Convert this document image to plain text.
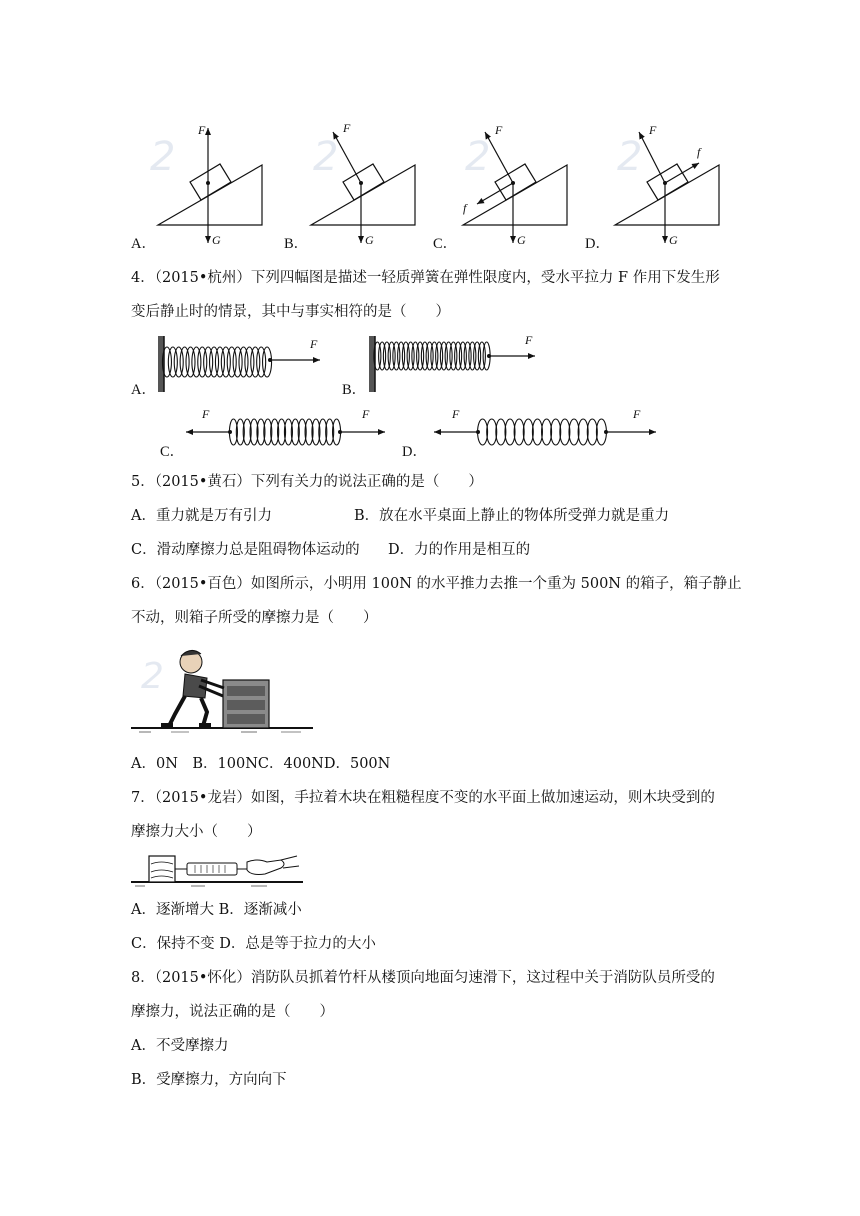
A．
2
F
G	B．
2
F
G	C．
2
F
f
G	D．
2
F
f
G
4．（2015•杭州）下列四幅图是描述一轻质弹簧在弹性限度内，受水平拉力 F 作用下发生形
变后静止时的情景，其中与事实相符的是（　　）
A．
F
B．
F
C．
F	F
D．
F	F
5．（2015•黄石）下列有关力的说法正确的是（　　）
A．重力就是万有引力	B．放在水平桌面上静止的物体所受弹力就是重力
C．滑动摩擦力总是阻碍物体运动的 D．力的作用是相互的
6．（2015•百色）如图所示，小明用 100N 的水平推力去推一个重为 500N 的箱子，箱子静止
不动，则箱子所受的摩擦力是（　　）
2
A．0N　B．100NC．400ND．500N
7．（2015•龙岩）如图，手拉着木块在粗糙程度不变的水平面上做加速运动，则木块受到的
摩擦力大小（　　）
A．逐渐增大 B．逐渐减小
C．保持不变 D．总是等于拉力的大小
8．（2015•怀化）消防队员抓着竹杆从楼顶向地面匀速滑下，这过程中关于消防队员所受的
摩擦力，说法正确的是（　　）
A．不受摩擦力
B．受摩擦力，方向向下
